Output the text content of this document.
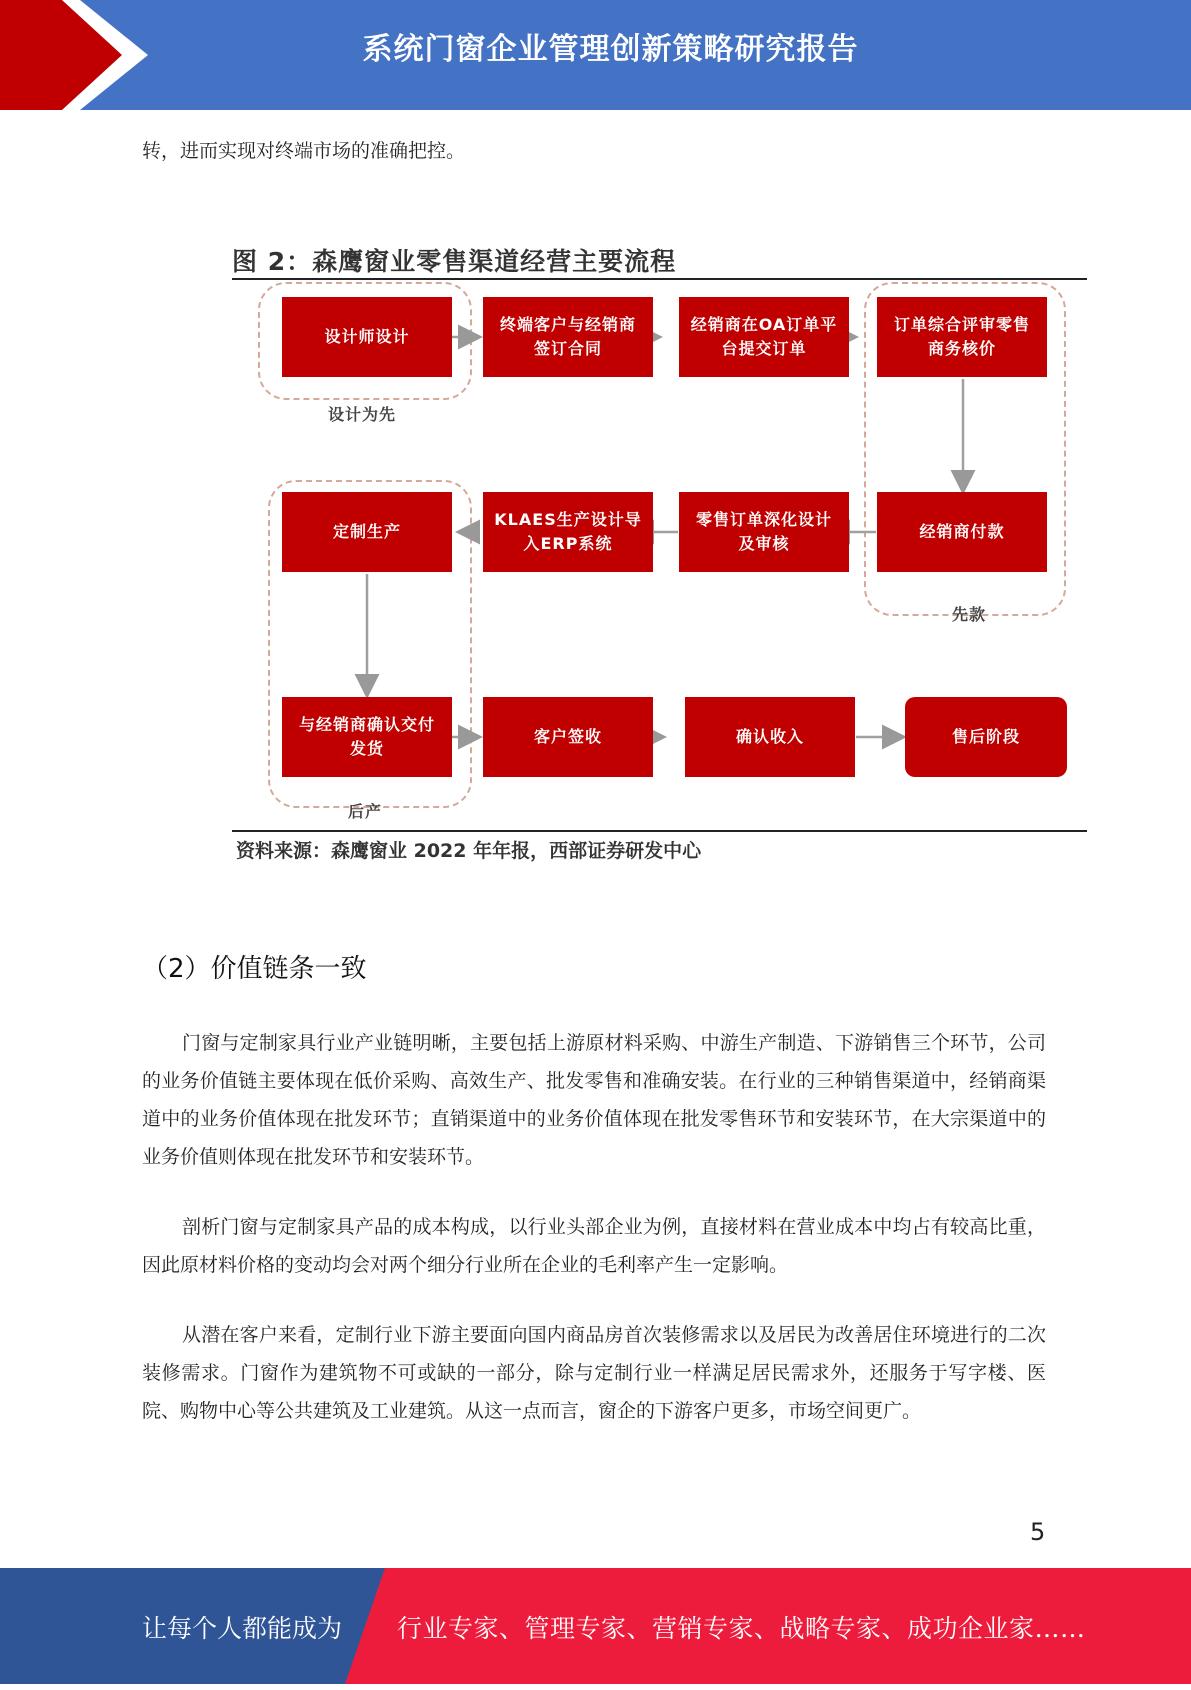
系统门窗企业管理创新策略研究报告

转，进而实现对终端市场的准确把控。

图 2：森鹰窗业零售渠道经营主要流程
设计师设计
终端客户与经销商签订合同
经销商在OA订单平台提交订单
订单综合评审零售商务核价
定制生产
KLAES生产设计导入ERP系统
零售订单深化设计及审核
经销商付款
与经销商确认交付发货
客户签收	确认收入	售后阶段
设计为先
先款
后产
资料来源：森鹰窗业 2022 年年报，西部证券研发中心
（2）价值链条一致

门窗与定制家具行业产业链明晰，主要包括上游原材料采购、中游生产制造、下游销售三个环节，公司的业务价值链主要体现在低价采购、高效生产、批发零售和准确安装。在行业的三种销售渠道中，经销商渠道中的业务价值体现在批发环节；直销渠道中的业务价值体现在批发零售环节和安装环节，在大宗渠道中的业务价值则体现在批发环节和安装环节。

剖析门窗与定制家具产品的成本构成，以行业头部企业为例，直接材料在营业成本中均占有较高比重，因此原材料价格的变动均会对两个细分行业所在企业的毛利率产生一定影响。

从潜在客户来看，定制行业下游主要面向国内商品房首次装修需求以及居民为改善居住环境进行的二次装修需求。门窗作为建筑物不可或缺的一部分，除与定制行业一样满足居民需求外，还服务于写字楼、医院、购物中心等公共建筑及工业建筑。从这一点而言，窗企的下游客户更多，市场空间更广。

5
让每个人都能成为 行业专家、管理专家、营销专家、战略专家、成功企业家……
